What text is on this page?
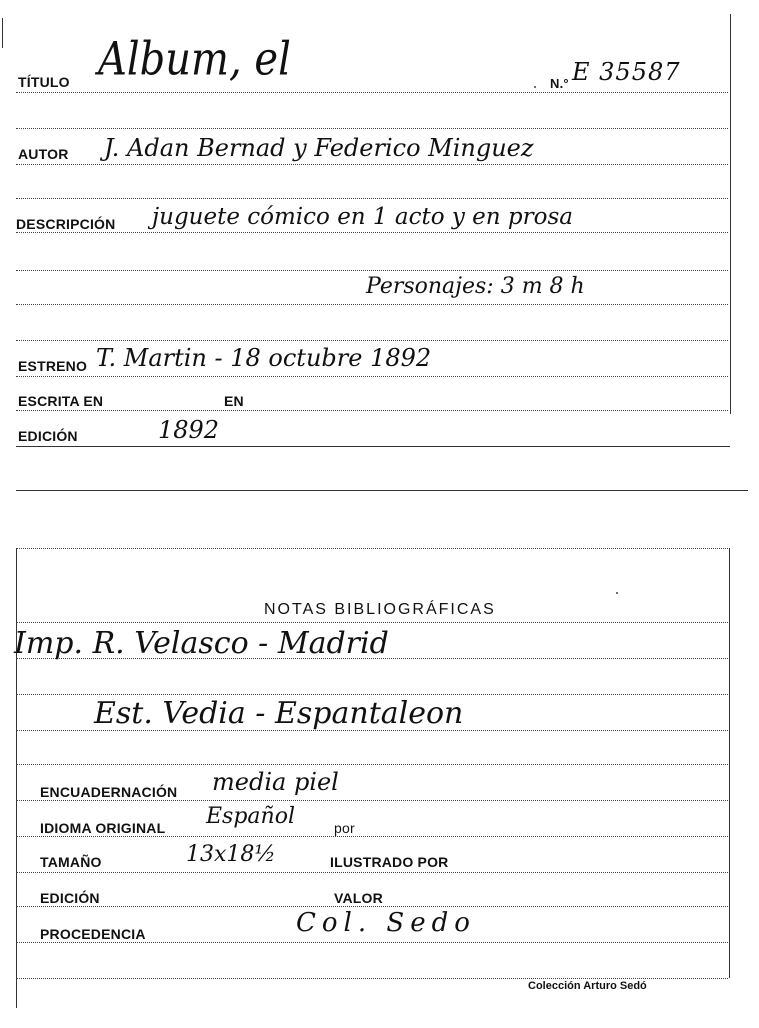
TÍTULO Album, el	N.° E 35587
AUTOR J. Adan Bernad y Federico Minguez
DESCRIPCIÓN juguete cómico en 1 acto y en prosa
Personajes: 3 m 8 h
ESTRENO T. Martin - 18 octubre 1892
ESCRITA EN	EN
EDICIÓN	1892
NOTAS BIBLIOGRÁFICAS
Imp. R. Velasco - Madrid
Est. Vedia - Espantaleon
ENCUADERNACIÓN media piel
IDIOMA ORIGINAL Español	por
TAMAÑO	13x18½	ILUSTRADO POR
EDICIÓN	VALOR
PROCEDENCIA	Col. Sedo
Colección Arturo Sedó
